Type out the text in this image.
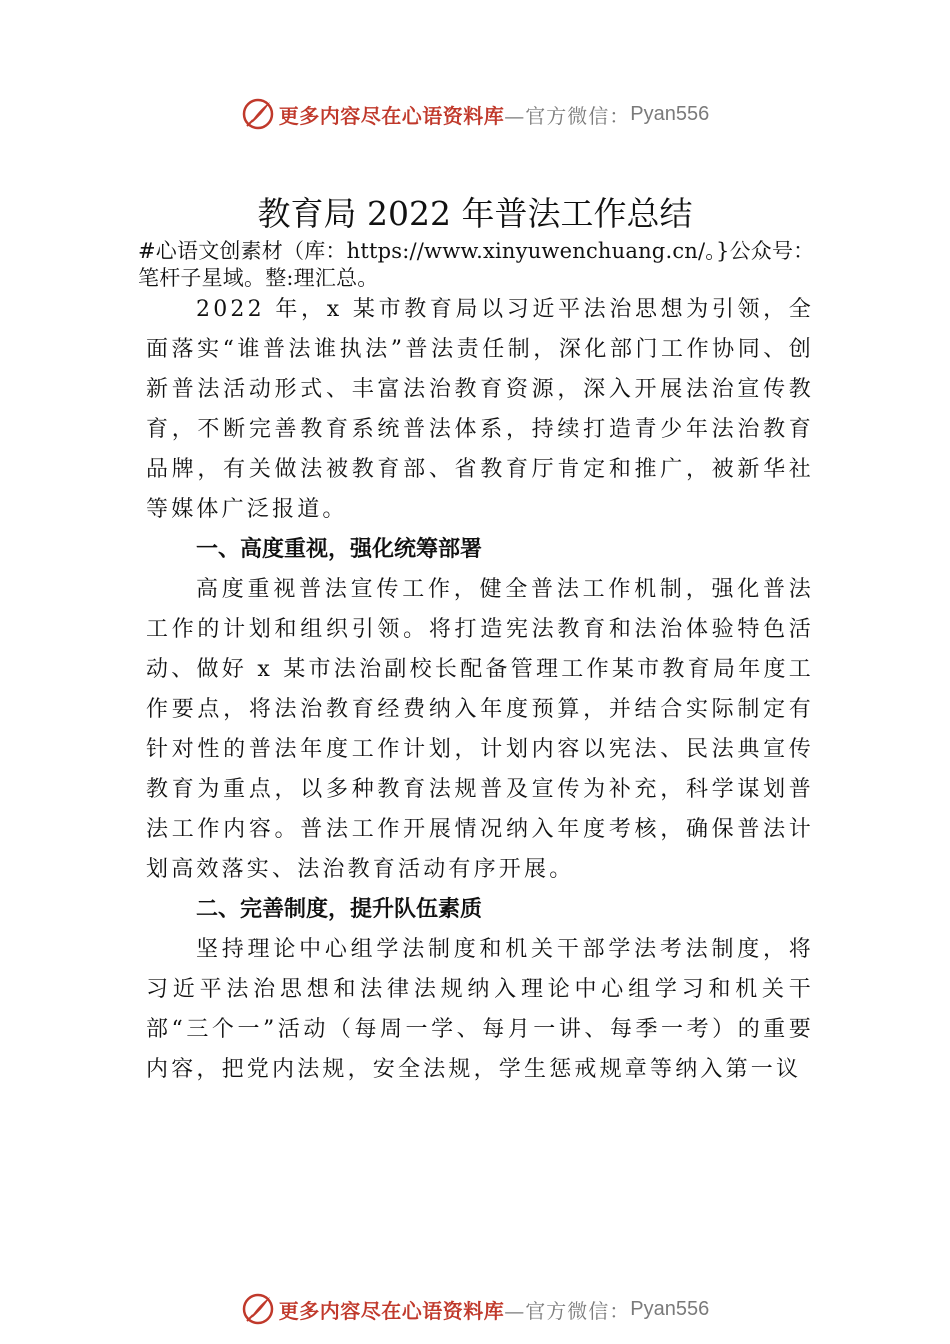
更多内容尽在心语资料库 —官方微信： Pyan556
教育局 2022 年普法工作总结
#心语文创素材（库：https://www.xinyuwenchuang.cn/。}公众号：笔杆子星域。整:理汇总。

2022 年，x 某市教育局以习近平法治思想为引领，全面落实“谁普法谁执法”普法责任制，深化部门工作协同、创新普法活动形式、丰富法治教育资源，深入开展法治宣传教育，不断完善教育系统普法体系，持续打造青少年法治教育品牌，有关做法被教育部、省教育厅肯定和推广，被新华社等媒体广泛报道。

一、高度重视，强化统筹部署

高度重视普法宣传工作，健全普法工作机制，强化普法工作的计划和组织引领。将打造宪法教育和法治体验特色活动、做好 x 某市法治副校长配备管理工作某市教育局年度工作要点，将法治教育经费纳入年度预算，并结合实际制定有针对性的普法年度工作计划，计划内容以宪法、民法典宣传教育为重点，以多种教育法规普及宣传为补充，科学谋划普法工作内容。普法工作开展情况纳入年度考核，确保普法计划高效落实、法治教育活动有序开展。

二、完善制度，提升队伍素质

坚持理论中心组学法制度和机关干部学法考法制度，将习近平法治思想和法律法规纳入理论中心组学习和机关干部“三个一”活动（每周一学、每月一讲、每季一考）的重要内容，把党内法规，安全法规，学生惩戒规章等纳入第一议

更多内容尽在心语资料库 —官方微信： Pyan556
